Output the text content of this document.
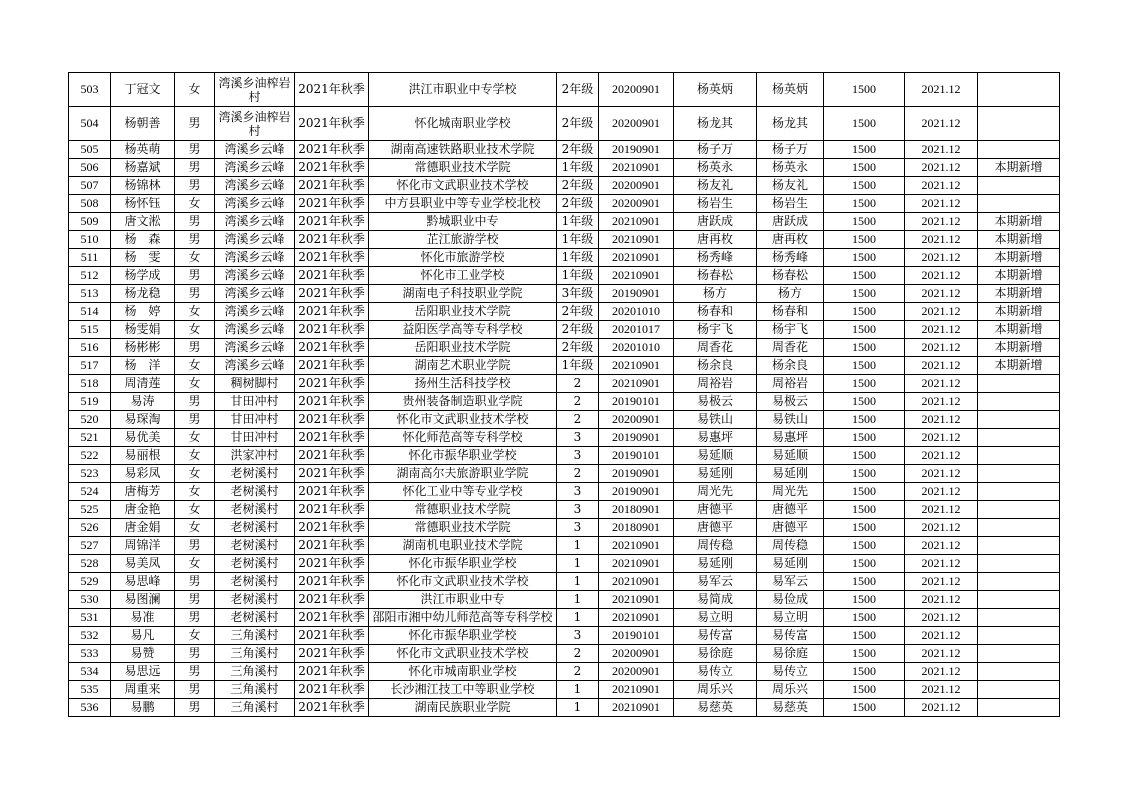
503	丁冠文	女	湾溪乡油榨岩村	2021年秋季	洪江市职业中专学校	2年级	20200901	杨英炳	杨英炳	1500	2021.12	
504	杨朝善	男	湾溪乡油榨岩村	2021年秋季	怀化城南职业学校	2年级	20200901	杨龙其	杨龙其	1500	2021.12	
505	杨英萌	男	湾溪乡云峰	2021年秋季	湖南高速铁路职业技术学院	2年级	20190901	杨子万	杨子万	1500	2021.12	
506	杨嘉斌	男	湾溪乡云峰	2021年秋季	常德职业技术学院	1年级	20210901	杨英永	杨英永	1500	2021.12	本期新增
507	杨锦林	男	湾溪乡云峰	2021年秋季	怀化市文武职业技术学校	2年级	20200901	杨友礼	杨友礼	1500	2021.12	
508	杨怀钰	女	湾溪乡云峰	2021年秋季	中方县职业中等专业学校北校	2年级	20200901	杨岩生	杨岩生	1500	2021.12	
509	唐文淞	男	湾溪乡云峰	2021年秋季	黔城职业中专	1年级	20210901	唐跃成	唐跃成	1500	2021.12	本期新增
510	杨　森	男	湾溪乡云峰	2021年秋季	芷江旅游学校	1年级	20210901	唐再枚	唐再枚	1500	2021.12	本期新增
511	杨　雯	女	湾溪乡云峰	2021年秋季	怀化市旅游学校	1年级	20210901	杨秀峰	杨秀峰	1500	2021.12	本期新增
512	杨学成	男	湾溪乡云峰	2021年秋季	怀化市工业学校	1年级	20210901	杨春松	杨春松	1500	2021.12	本期新增
513	杨龙稳	男	湾溪乡云峰	2021年秋季	湖南电子科技职业学院	3年级	20190901	杨方	杨方	1500	2021.12	本期新增
514	杨　婷	女	湾溪乡云峰	2021年秋季	岳阳职业技术学院	2年级	20201010	杨春和	杨春和	1500	2021.12	本期新增
515	杨雯娟	女	湾溪乡云峰	2021年秋季	益阳医学高等专科学校	2年级	20201017	杨宇飞	杨宇飞	1500	2021.12	本期新增
516	杨彬彬	男	湾溪乡云峰	2021年秋季	岳阳职业技术学院	2年级	20201010	周香花	周香花	1500	2021.12	本期新增
517	杨　洋	女	湾溪乡云峰	2021年秋季	湖南艺术职业学院	1年级	20210901	杨余良	杨余良	1500	2021.12	本期新增
518	周清莲	女	稠树脚村	2021年秋季	扬州生活科技学校	2	20210901	周裕岩	周裕岩	1500	2021.12	
519	易涛	男	甘田冲村	2021年秋季	贵州装备制造职业学院	2	20190101	易极云	易极云	1500	2021.12	
520	易琛淘	男	甘田冲村	2021年秋季	怀化市文武职业技术学校	2	20200901	易铁山	易铁山	1500	2021.12	
521	易优美	女	甘田冲村	2021年秋季	怀化师范高等专科学校	3	20190901	易惠坪	易惠坪	1500	2021.12	
522	易丽根	女	洪家冲村	2021年秋季	怀化市振华职业学校	3	20190101	易延顺	易延顺	1500	2021.12	
523	易彩凤	女	老树溪村	2021年秋季	湖南高尔夫旅游职业学院	2	20190901	易延刚	易延刚	1500	2021.12	
524	唐梅芳	女	老树溪村	2021年秋季	怀化工业中等专业学校	3	20190901	周光先	周光先	1500	2021.12	
525	唐金艳	女	老树溪村	2021年秋季	常德职业技术学院	3	20180901	唐德平	唐德平	1500	2021.12	
526	唐金娟	女	老树溪村	2021年秋季	常德职业技术学院	3	20180901	唐德平	唐德平	1500	2021.12	
527	周锦洋	男	老树溪村	2021年秋季	湖南机电职业技术学院	1	20210901	周传稳	周传稳	1500	2021.12	
528	易美凤	女	老树溪村	2021年秋季	怀化市振华职业学校	1	20210901	易延刚	易延刚	1500	2021.12	
529	易思峰	男	老树溪村	2021年秋季	怀化市文武职业技术学校	1	20210901	易军云	易军云	1500	2021.12	
530	易图澜	男	老树溪村	2021年秋季	洪江市职业中专	1	20210901	易简成	易俭成	1500	2021.12	
531	易准	男	老树溪村	2021年秋季	邵阳市湘中幼儿师范高等专科学校	1	20210901	易立明	易立明	1500	2021.12	
532	易凡	女	三角溪村	2021年秋季	怀化市振华职业学校	3	20190101	易传富	易传富	1500	2021.12	
533	易赞	男	三角溪村	2021年秋季	怀化市文武职业技术学校	2	20200901	易徐庭	易徐庭	1500	2021.12	
534	易思远	男	三角溪村	2021年秋季	怀化市城南职业学校	2	20200901	易传立	易传立	1500	2021.12	
535	周重来	男	三角溪村	2021年秋季	长沙湘江技工中等职业学校	1	20210901	周乐兴	周乐兴	1500	2021.12	
536	易鹏	男	三角溪村	2021年秋季	湖南民族职业学院	1	20210901	易慈英	易慈英	1500	2021.12	
